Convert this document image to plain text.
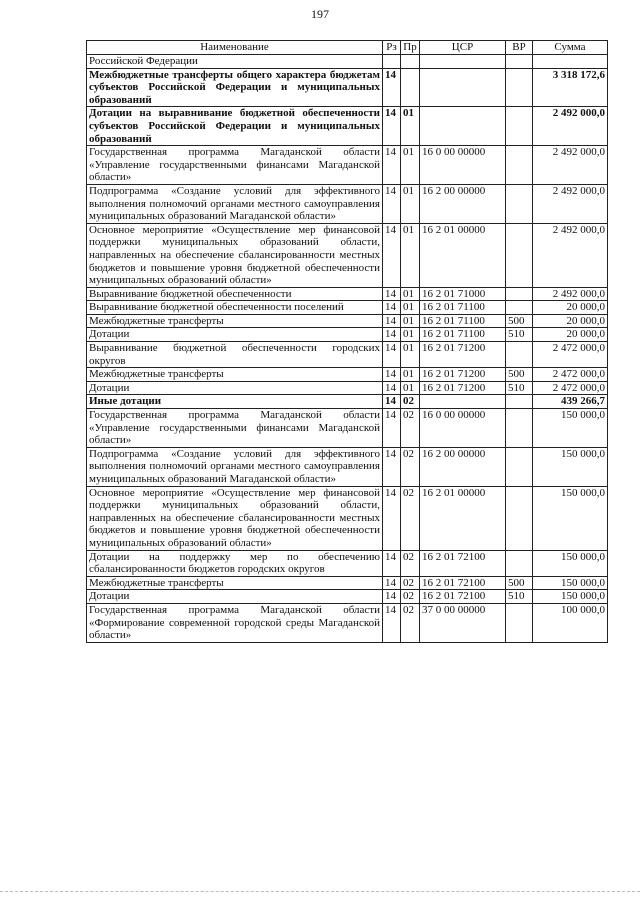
197
Наименование	Рз	Пр	ЦСР	ВР	Сумма
Российской Федерации					
Межбюджетные трансферты общего характера бюджетам субъектов Российской Федерации и муниципальных образований	14				3 318 172,6
Дотации на выравнивание бюджетной обеспеченности субъектов Российской Федерации и муниципальных образований	14	01			2 492 000,0
Государственная программа Магаданской области «Управление государственными финансами Магаданской области»	14	01	16 0 00 00000		2 492 000,0
Подпрограмма «Создание условий для эффективного выполнения полномочий органами местного самоуправления муниципальных образований Магаданской области»	14	01	16 2 00 00000		2 492 000,0
Основное мероприятие «Осуществление мер финансовой поддержки муниципальных образований области, направленных на обеспечение сбалансированности местных бюджетов и повышение уровня бюджетной обеспеченности муниципальных образований области»	14	01	16 2 01 00000		2 492 000,0
Выравнивание бюджетной обеспеченности	14	01	16 2 01 71000		2 492 000,0
Выравнивание бюджетной обеспеченности поселений	14	01	16 2 01 71100		20 000,0
Межбюджетные трансферты	14	01	16 2 01 71100	500	20 000,0
Дотации	14	01	16 2 01 71100	510	20 000,0
Выравнивание бюджетной обеспеченности городских округов	14	01	16 2 01 71200		2 472 000,0
Межбюджетные трансферты	14	01	16 2 01 71200	500	2 472 000,0
Дотации	14	01	16 2 01 71200	510	2 472 000,0
Иные дотации	14	02			439 266,7
Государственная программа Магаданской области «Управление государственными финансами Магаданской области»	14	02	16 0 00 00000		150 000,0
Подпрограмма «Создание условий для эффективного выполнения полномочий органами местного самоуправления муниципальных образований Магаданской области»	14	02	16 2 00 00000		150 000,0
Основное мероприятие «Осуществление мер финансовой поддержки муниципальных образований области, направленных на обеспечение сбалансированности местных бюджетов и повышение уровня бюджетной обеспеченности муниципальных образований области»	14	02	16 2 01 00000		150 000,0
Дотации на поддержку мер по обеспечению сбалансированности бюджетов городских округов	14	02	16 2 01 72100		150 000,0
Межбюджетные трансферты	14	02	16 2 01 72100	500	150 000,0
Дотации	14	02	16 2 01 72100	510	150 000,0
Государственная программа Магаданской области «Формирование современной городской среды Магаданской области»	14	02	37 0 00 00000		100 000,0
